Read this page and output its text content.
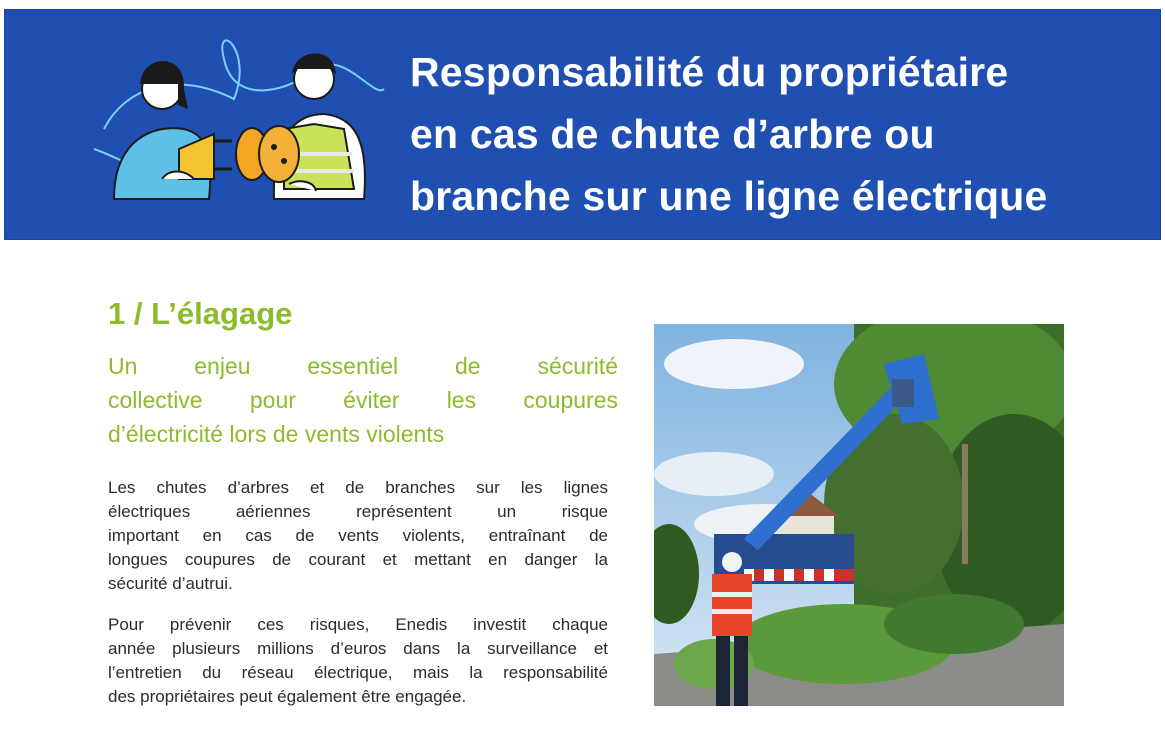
Responsabilité du propriétaire
en cas de chute d’arbre ou
branche sur une ligne électrique
1 / L’élagage
Un enjeu essentiel de sécurité
collective pour éviter les coupures
d’électricité lors de vents violents

Les chutes d’arbres et de branches sur les lignes
électriques aériennes représentent un risque
important en cas de vents violents, entraînant de
longues coupures de courant et mettant en danger la
sécurité d’autrui.

Pour prévenir ces risques, Enedis investit chaque
année plusieurs millions d’euros dans la surveillance et
l’entretien du réseau électrique, mais la responsabilité
des propriétaires peut également être engagée.
